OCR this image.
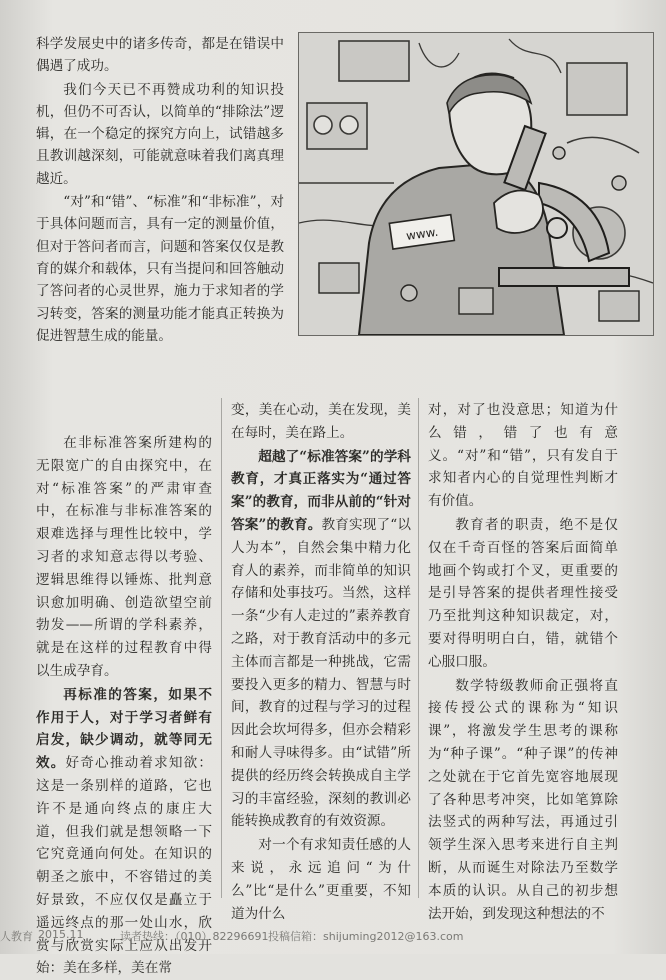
科学发展史中的诸多传奇，都是在错误中偶遇了成功。

我们今天已不再赞成功利的知识投机，但仍不可否认，以简单的“排除法”逻辑，在一个稳定的探究方向上，试错越多且教训越深刻，可能就意味着我们离真理越近。

“对”和“错”、“标准”和“非标准”，对于具体问题而言，具有一定的测量价值，但对于答问者而言，问题和答案仅仅是教育的媒介和载体，只有当提问和回答触动了答问者的心灵世界，施力于求知者的学习转变，答案的测量功能才能真正转换为促进智慧生成的能量。

www.

在非标准答案所建构的无限宽广的自由探究中，在对“标准答案”的严肃审查中，在标准与非标准答案的艰难选择与理性比较中，学习者的求知意志得以考验、逻辑思维得以锤炼、批判意识愈加明确、创造欲望空前勃发——所谓的学科素养，就是在这样的过程教育中得以生成孕育。

再标准的答案，如果不作用于人，对于学习者鲜有启发，缺少调动，就等同无效。好奇心推动着求知欲：这是一条别样的道路，它也许不是通向终点的康庄大道，但我们就是想领略一下它究竟通向何处。在知识的朝圣之旅中，不容错过的美好景致，不应仅仅是矗立于遥远终点的那一处山水，欣赏与欣赏实际上应从出发开始：美在多样，美在常

变，美在心动，美在发现，美在每时，美在路上。

超越了“标准答案”的学科教育，才真正落实为“通过答案”的教育，而非从前的“针对答案”的教育。教育实现了“以人为本”，自然会集中精力化育人的素养，而非简单的知识存储和处事技巧。当然，这样一条“少有人走过的”素养教育之路，对于教育活动中的多元主体而言都是一种挑战，它需要投入更多的精力、智慧与时间，教育的过程与学习的过程因此会坎坷得多，但亦会精彩和耐人寻味得多。由“试错”所提供的经历终会转换成自主学习的丰富经验，深刻的教训必能转换成教育的有效资源。

对一个有求知责任感的人来说，永远追问“为什么”比“是什么”更重要，不知道为什么

对，对了也没意思；知道为什么错，错了也有意义。“对”和“错”，只有发自于求知者内心的自觉理性判断才有价值。

教育者的职责，绝不是仅仅在千奇百怪的答案后面简单地画个钩或打个叉，更重要的是引导答案的提供者理性接受乃至批判这种知识裁定，对，要对得明明白白，错，就错个心服口服。

数学特级教师俞正强将直接传授公式的课称为“知识课”，将激发学生思考的课称为“种子课”。“种子课”的传神之处就在于它首先宽容地展现了各种思考冲突，比如笔算除法竖式的两种写法，再通过引领学生深入思考来进行自主判断，从而诞生对除法乃至数学本质的认识。从自己的初步想法开始，到发现这种想法的不

人教育 2015.11	读者热线：（010）82296691 投稿信箱：shijuming2012@163.com
